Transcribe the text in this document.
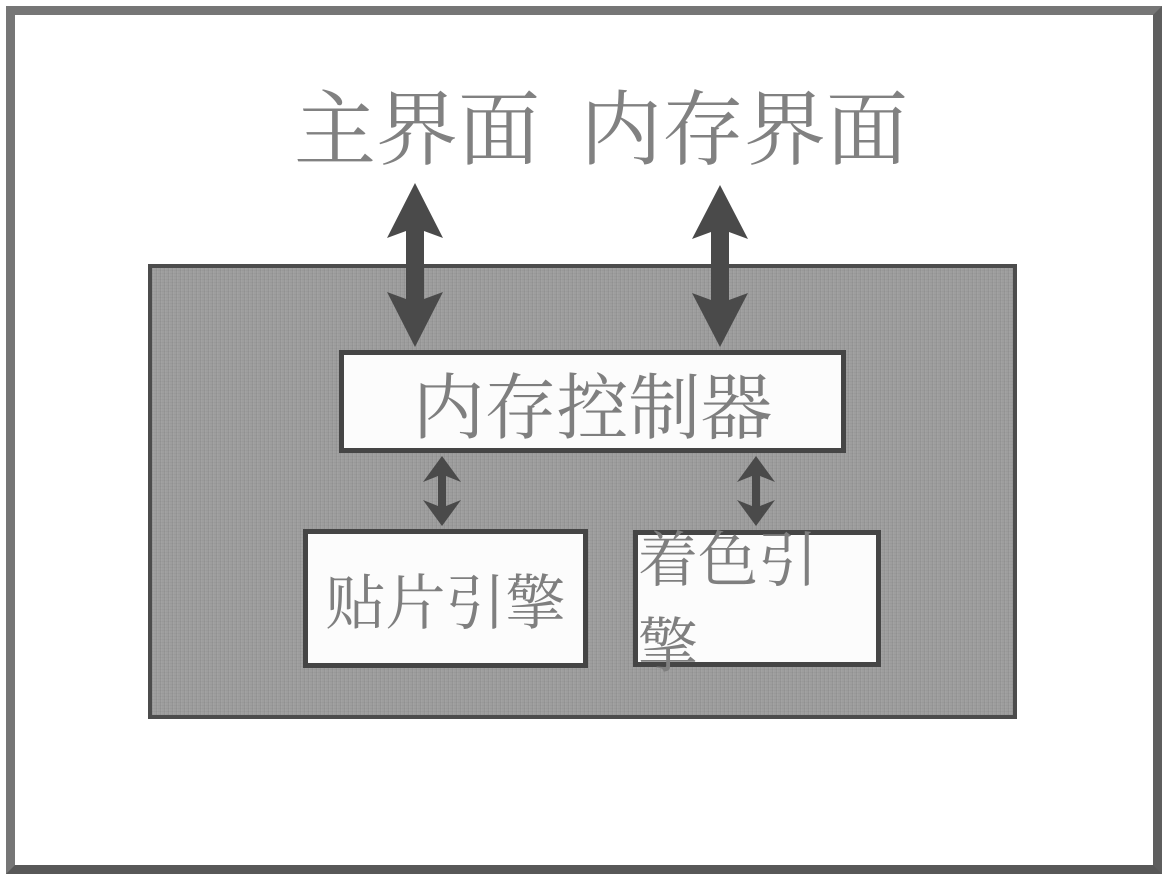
主界面 内存界面
内存控制器
贴片引擎
着色引擎
